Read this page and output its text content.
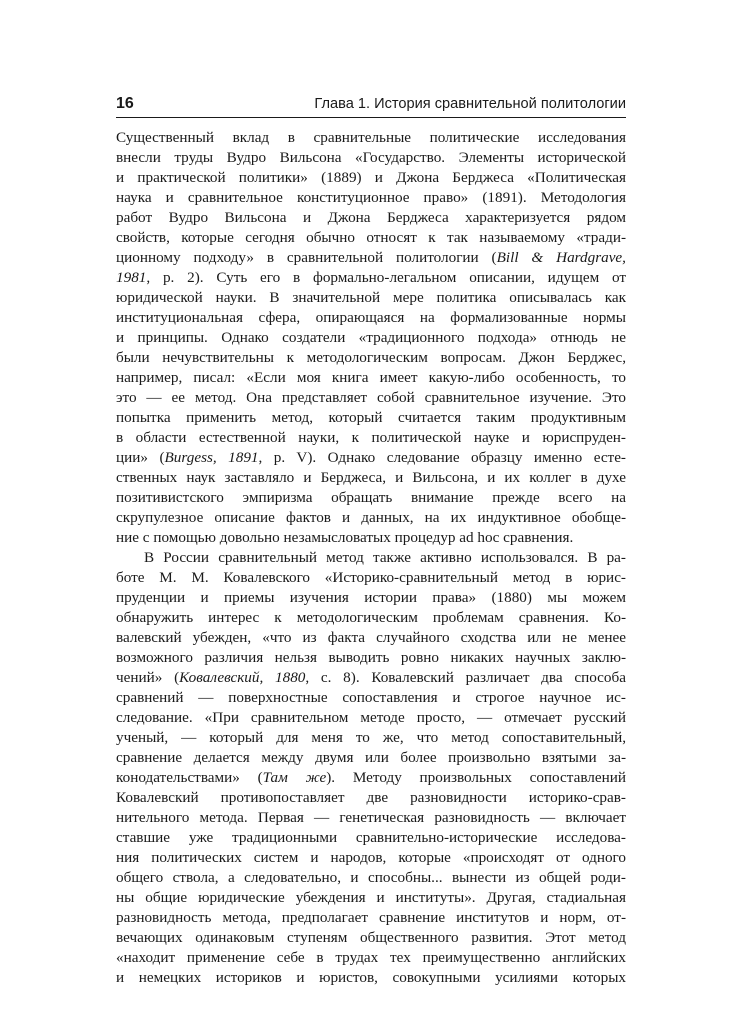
16	Глава 1. История сравнительной политологии
Существенный вклад в сравнительные политические исследования
внесли труды Вудро Вильсона «Государство. Элементы исторической
и практической политики» (1889) и Джона Берджеса «Политическая
наука и сравнительное конституционное право» (1891). Методология
работ Вудро Вильсона и Джона Берджеса характеризуется рядом
свойств, которые сегодня обычно относят к так называемому «тради-
ционному подходу» в сравнительной политологии (Bill & Hardgrave,
1981, p. 2). Суть его в формально-легальном описании, идущем от
юридической науки. В значительной мере политика описывалась как
институциональная сфера, опирающаяся на формализованные нормы
и принципы. Однако создатели «традиционного подхода» отнюдь не
были нечувствительны к методологическим вопросам. Джон Берджес,
например, писал: «Если моя книга имеет какую-либо особенность, то
это — ее метод. Она представляет собой сравнительное изучение. Это
попытка применить метод, который считается таким продуктивным
в области естественной науки, к политической науке и юриспруден-
ции» (Burgess, 1891, p. V). Однако следование образцу именно есте-
ственных наук заставляло и Берджеса, и Вильсона, и их коллег в духе
позитивистского эмпиризма обращать внимание прежде всего на
скрупулезное описание фактов и данных, на их индуктивное обобще-
ние с помощью довольно незамысловатых процедур ad hoc сравнения.
В России сравнительный метод также активно использовался. В ра-
боте М. М. Ковалевского «Историко-сравнительный метод в юрис-
пруденции и приемы изучения истории права» (1880) мы можем
обнаружить интерес к методологическим проблемам сравнения. Ко-
валевский убежден, «что из факта случайного сходства или не менее
возможного различия нельзя выводить ровно никаких научных заклю-
чений» (Ковалевский, 1880, с. 8). Ковалевский различает два способа
сравнений — поверхностные сопоставления и строгое научное ис-
следование. «При сравнительном методе просто, — отмечает русский
ученый, — который для меня то же, что метод сопоставительный,
сравнение делается между двумя или более произвольно взятыми за-
конодательствами» (Там же). Методу произвольных сопоставлений
Ковалевский противопоставляет две разновидности историко-срав-
нительного метода. Первая — генетическая разновидность — включает
ставшие уже традиционными сравнительно-исторические исследова-
ния политических систем и народов, которые «происходят от одного
общего ствола, а следовательно, и способны... вынести из общей роди-
ны общие юридические убеждения и институты». Другая, стадиальная
разновидность метода, предполагает сравнение институтов и норм, от-
вечающих одинаковым ступеням общественного развития. Этот метод
«находит применение себе в трудах тех преимущественно английских
и немецких историков и юристов, совокупными усилиями которых
